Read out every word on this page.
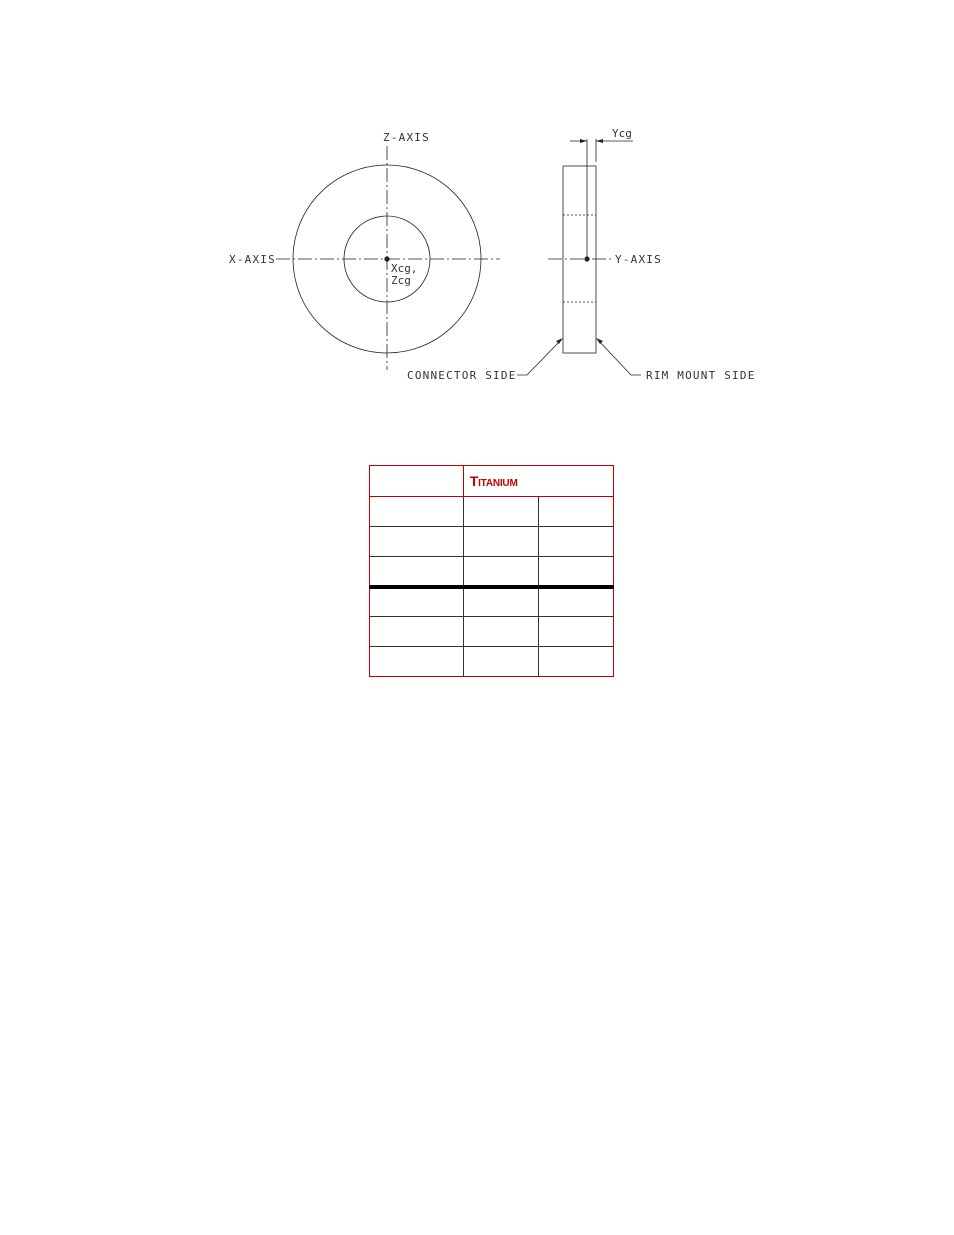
Z-AXIS
X-AXIS
Xcg,
Zcg
Ycg
Y-AXIS
CONNECTOR SIDE	RIM MOUNT SIDE
	Titanium	
